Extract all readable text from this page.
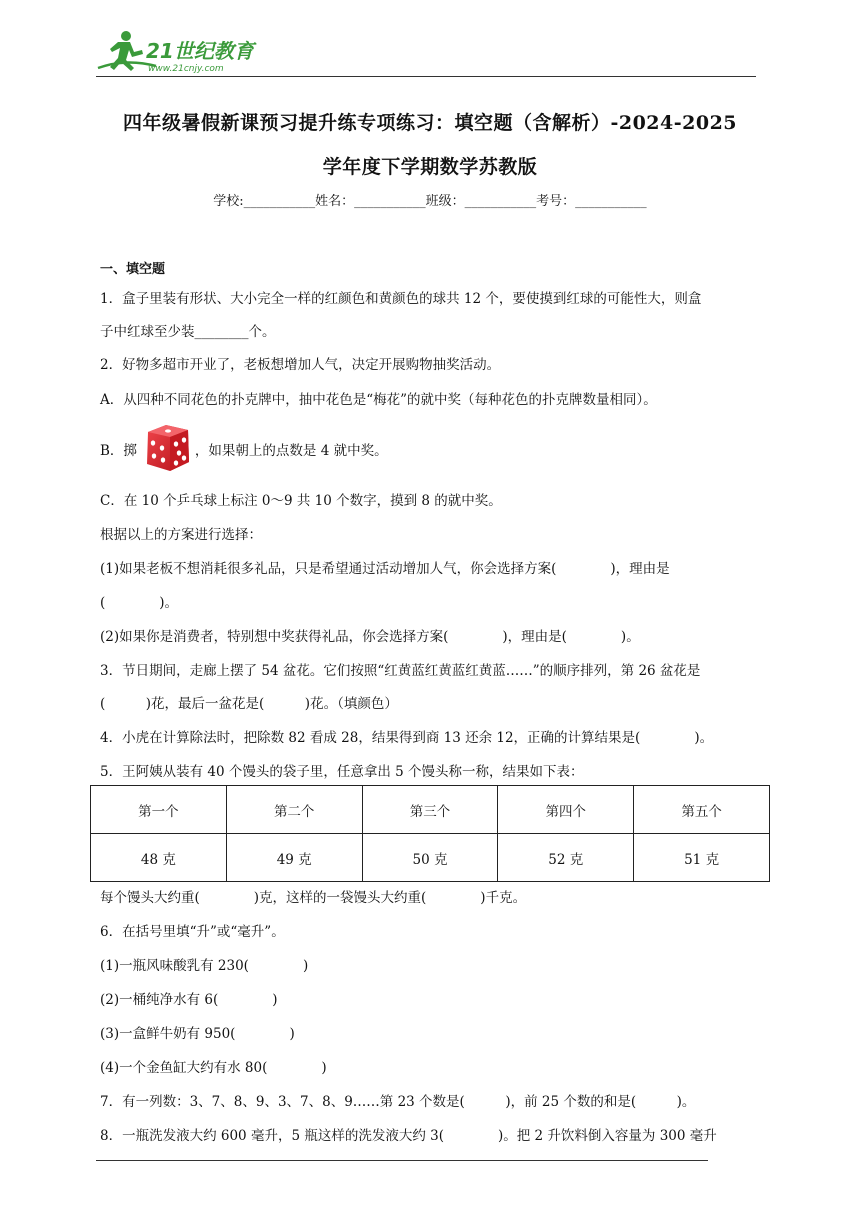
21世纪教育
www.21cnjy.com
四年级暑假新课预习提升练专项练习：填空题（含解析）-2024-2025
学年度下学期数学苏教版
学校:___________姓名：___________班级：___________考号：___________
一、填空题
1．盒子里装有形状、大小完全一样的红颜色和黄颜色的球共 12 个，要使摸到红球的可能性大，则盒
子中红球至少装________个。
2．好物多超市开业了，老板想增加人气，决定开展购物抽奖活动。
A．从四种不同花色的扑克牌中，抽中花色是“梅花”的就中奖（每种花色的扑克牌数量相同）。
B．掷	，如果朝上的点数是 4 就中奖。
C．在 10 个乒乓球上标注 0～9 共 10 个数字，摸到 8 的就中奖。
根据以上的方案进行选择：
(1)如果老板不想消耗很多礼品，只是希望通过活动增加人气，你会选择方案(　　　　)，理由是
(　　　　)。
(2)如果你是消费者，特别想中奖获得礼品，你会选择方案(　　　　)，理由是(　　　　)。
3．节日期间，走廊上摆了 54 盆花。它们按照“红黄蓝红黄蓝红黄蓝……”的顺序排列，第 26 盆花是
(　　　)花，最后一盆花是(　　　)花。（填颜色）
4．小虎在计算除法时，把除数 82 看成 28，结果得到商 13 还余 12，正确的计算结果是(　　　　)。
5．王阿姨从装有 40 个馒头的袋子里，任意拿出 5 个馒头称一称，结果如下表：
第一个	第二个	第三个	第四个	第五个
48 克	49 克	50 克	52 克	51 克
每个馒头大约重(　　　　)克，这样的一袋馒头大约重(　　　　)千克。
6．在括号里填“升”或“毫升”。
(1)一瓶风味酸乳有 230(　　　　)
(2)一桶纯净水有 6(　　　　)
(3)一盒鲜牛奶有 950(　　　　)
(4)一个金鱼缸大约有水 80(　　　　)
7．有一列数：3、7、8、9、3、7、8、9……第 23 个数是(　　　)，前 25 个数的和是(　　　)。
8．一瓶洗发液大约 600 毫升，5 瓶这样的洗发液大约 3(　　　　)。把 2 升饮料倒入容量为 300 毫升
